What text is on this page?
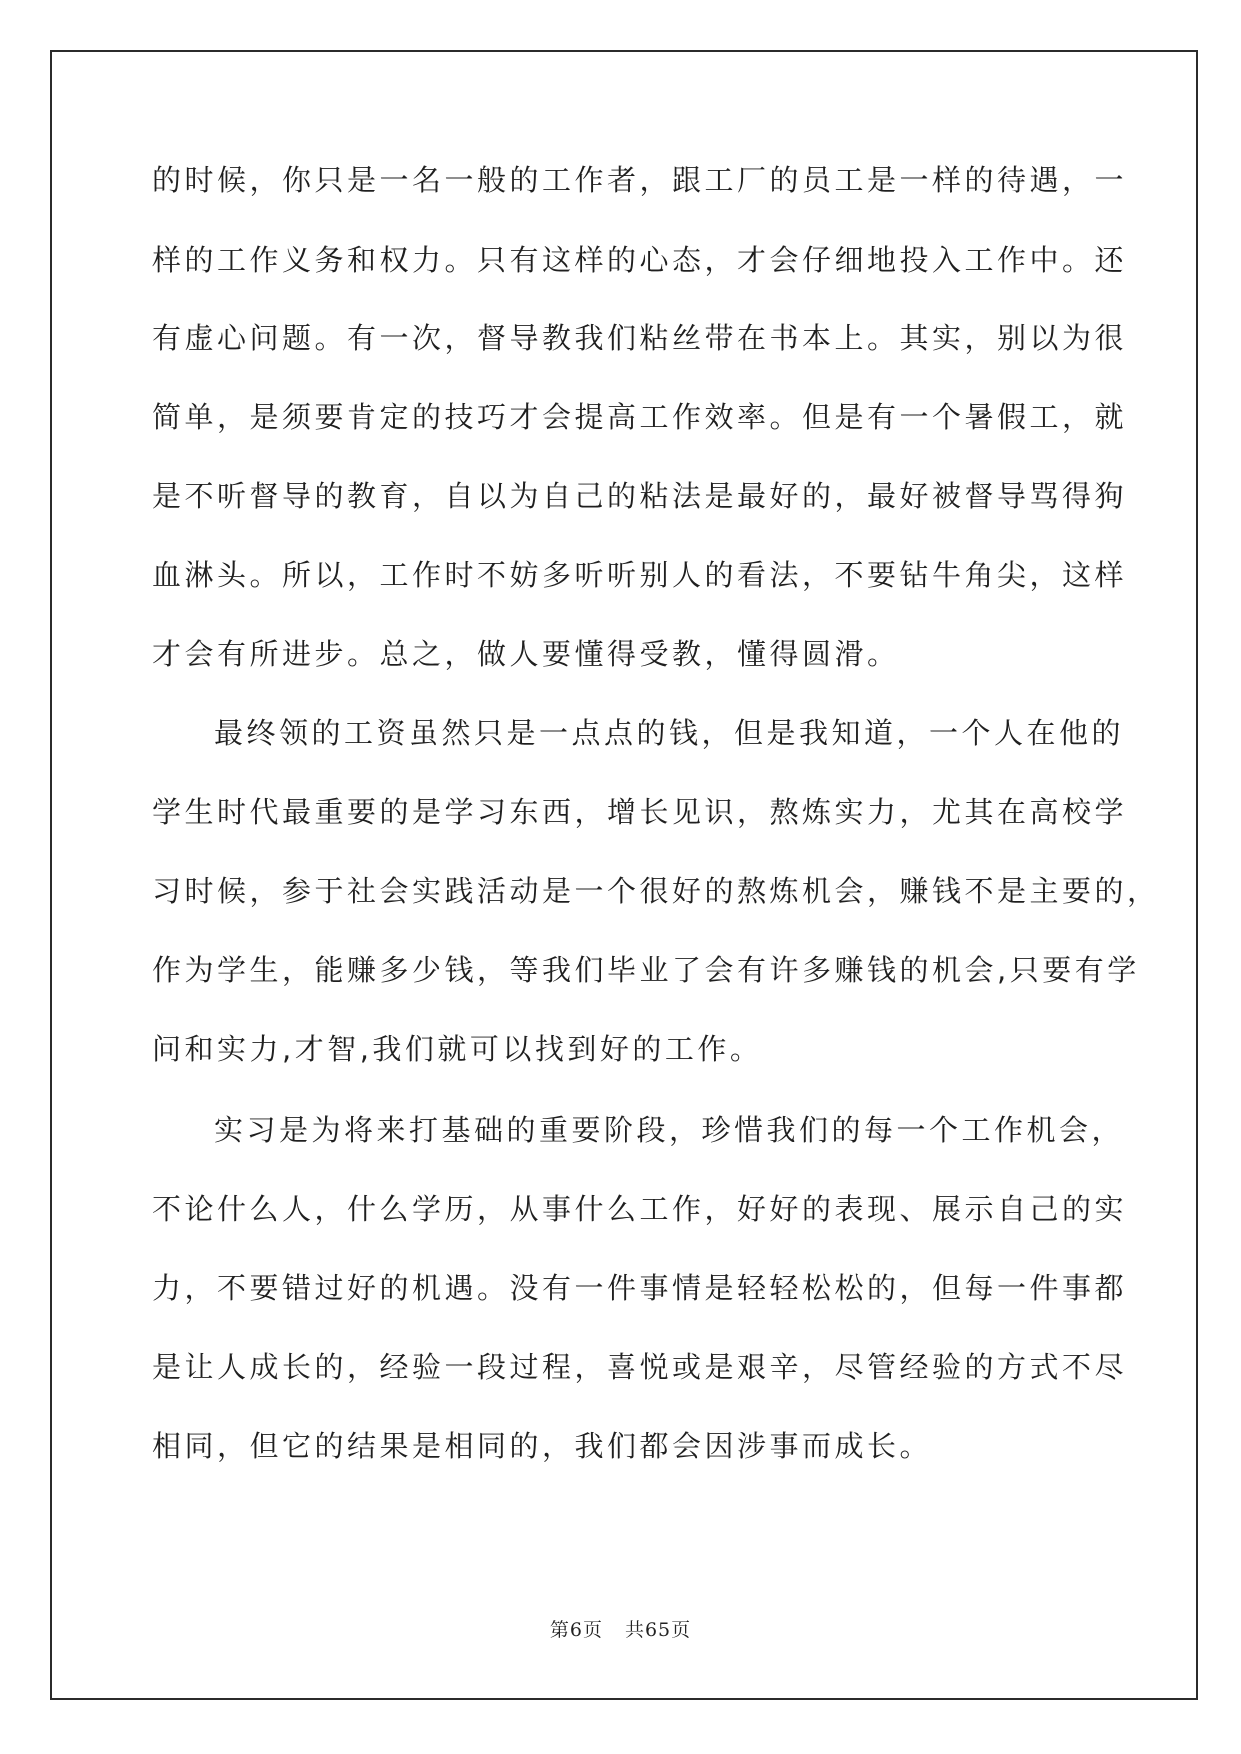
的时候，你只是一名一般的工作者，跟工厂的员工是一样的待遇，一
样的工作义务和权力。只有这样的心态，才会仔细地投入工作中。还
有虚心问题。有一次，督导教我们粘丝带在书本上。其实，别以为很
简单，是须要肯定的技巧才会提高工作效率。但是有一个暑假工，就
是不听督导的教育，自以为自己的粘法是最好的，最好被督导骂得狗
血淋头。所以，工作时不妨多听听别人的看法，不要钻牛角尖，这样
才会有所进步。总之，做人要懂得受教，懂得圆滑。
最终领的工资虽然只是一点点的钱，但是我知道，一个人在他的
学生时代最重要的是学习东西，增长见识，熬炼实力，尤其在高校学
习时候，参于社会实践活动是一个很好的熬炼机会，赚钱不是主要的，
作为学生，能赚多少钱，等我们毕业了会有许多赚钱的机会,只要有学
问和实力,才智,我们就可以找到好的工作。
实习是为将来打基础的重要阶段，珍惜我们的每一个工作机会，
不论什么人，什么学历，从事什么工作，好好的表现、展示自己的实
力，不要错过好的机遇。没有一件事情是轻轻松松的，但每一件事都
是让人成长的，经验一段过程，喜悦或是艰辛，尽管经验的方式不尽
相同，但它的结果是相同的，我们都会因涉事而成长。
第6页 共65页
